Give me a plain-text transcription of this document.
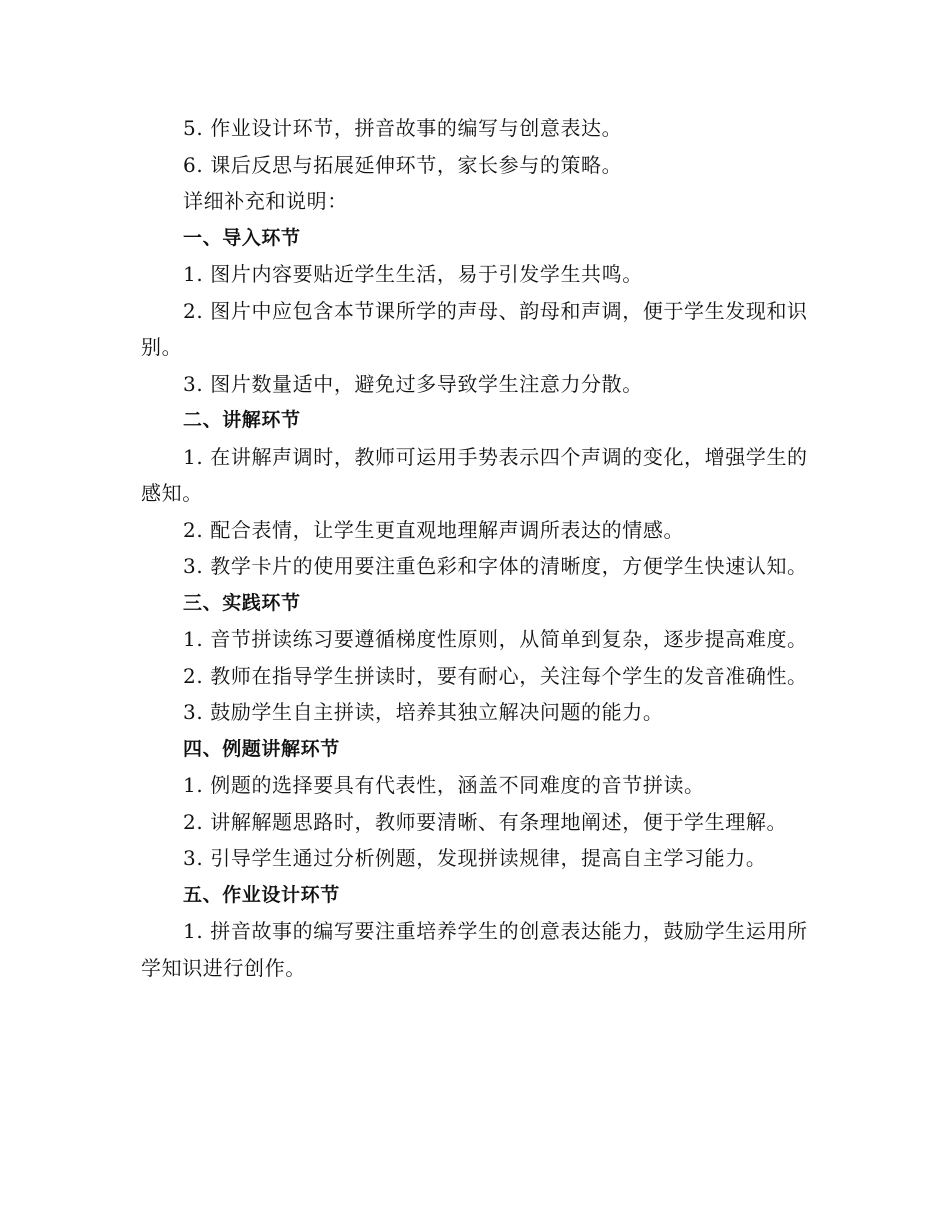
5. 作业设计环节，拼音故事的编写与创意表达。

6. 课后反思与拓展延伸环节，家长参与的策略。

详细补充和说明：

一、导入环节

1. 图片内容要贴近学生生活，易于引发学生共鸣。

2. 图片中应包含本节课所学的声母、韵母和声调，便于学生发现和识别。

3. 图片数量适中，避免过多导致学生注意力分散。

二、讲解环节

1. 在讲解声调时，教师可运用手势表示四个声调的变化，增强学生的感知。

2. 配合表情，让学生更直观地理解声调所表达的情感。

3. 教学卡片的使用要注重色彩和字体的清晰度，方便学生快速认知。

三、实践环节

1. 音节拼读练习要遵循梯度性原则，从简单到复杂，逐步提高难度。

2. 教师在指导学生拼读时，要有耐心，关注每个学生的发音准确性。

3. 鼓励学生自主拼读，培养其独立解决问题的能力。

四、例题讲解环节

1. 例题的选择要具有代表性，涵盖不同难度的音节拼读。

2. 讲解解题思路时，教师要清晰、有条理地阐述，便于学生理解。

3. 引导学生通过分析例题，发现拼读规律，提高自主学习能力。

五、作业设计环节

1. 拼音故事的编写要注重培养学生的创意表达能力，鼓励学生运用所学知识进行创作。
